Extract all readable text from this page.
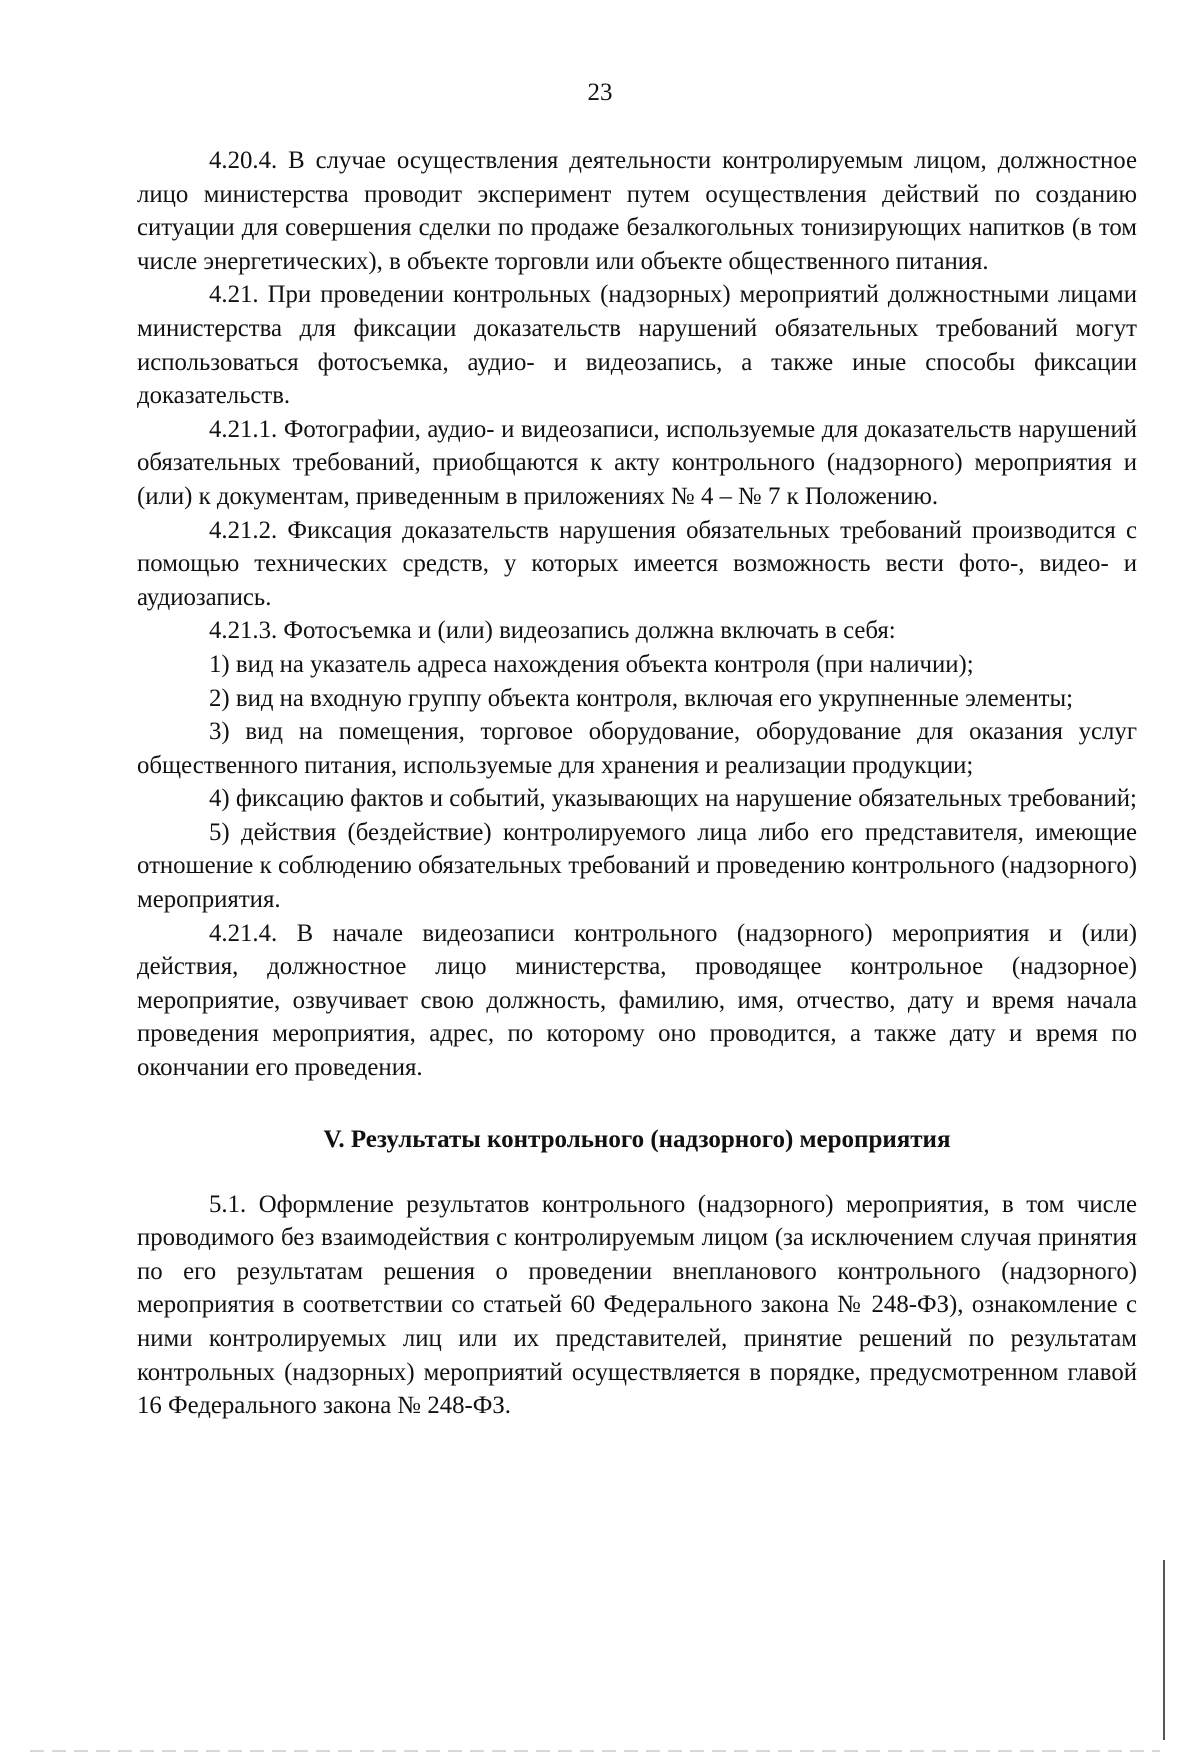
23

4.20.4. В случае осуществления деятельности контролируемым лицом, должностное лицо министерства проводит эксперимент путем осуществления действий по созданию ситуации для совершения сделки по продаже безалкогольных тонизирующих напитков (в том числе энергетических), в объекте торговли или объекте общественного питания.

4.21. При проведении контрольных (надзорных) мероприятий должностными лицами министерства для фиксации доказательств нарушений обязательных требований могут использоваться фотосъемка, аудио- и видеозапись, а также иные способы фиксации доказательств.

4.21.1. Фотографии, аудио- и видеозаписи, используемые для доказательств нарушений обязательных требований, приобщаются к акту контрольного (надзорного) мероприятия и (или) к документам, приведенным в приложениях № 4 – № 7 к Положению.

4.21.2. Фиксация доказательств нарушения обязательных требований производится с помощью технических средств, у которых имеется возможность вести фото-, видео- и аудиозапись.

4.21.3. Фотосъемка и (или) видеозапись должна включать в себя:

1) вид на указатель адреса нахождения объекта контроля (при наличии);

2) вид на входную группу объекта контроля, включая его укрупненные элементы;

3) вид на помещения, торговое оборудование, оборудование для оказания услуг общественного питания, используемые для хранения и реализации продукции;

4) фиксацию фактов и событий, указывающих на нарушение обязательных требований;

5) действия (бездействие) контролируемого лица либо его представителя, имеющие отношение к соблюдению обязательных требований и проведению контрольного (надзорного) мероприятия.

4.21.4. В начале видеозаписи контрольного (надзорного) мероприятия и (или) действия, должностное лицо министерства, проводящее контрольное (надзорное) мероприятие, озвучивает свою должность, фамилию, имя, отчество, дату и время начала проведения мероприятия, адрес, по которому оно проводится, а также дату и время по окончании его проведения.

V. Результаты контрольного (надзорного) мероприятия

5.1. Оформление результатов контрольного (надзорного) мероприятия, в том числе проводимого без взаимодействия с контролируемым лицом (за исключением случая принятия по его результатам решения о проведении внепланового контрольного (надзорного) мероприятия в соответствии со статьей 60 Федерального закона № 248-ФЗ), ознакомление с ними контролируемых лиц или их представителей, принятие решений по результатам контрольных (надзорных) мероприятий осуществляется в порядке, предусмотренном главой 16 Федерального закона № 248-ФЗ.
